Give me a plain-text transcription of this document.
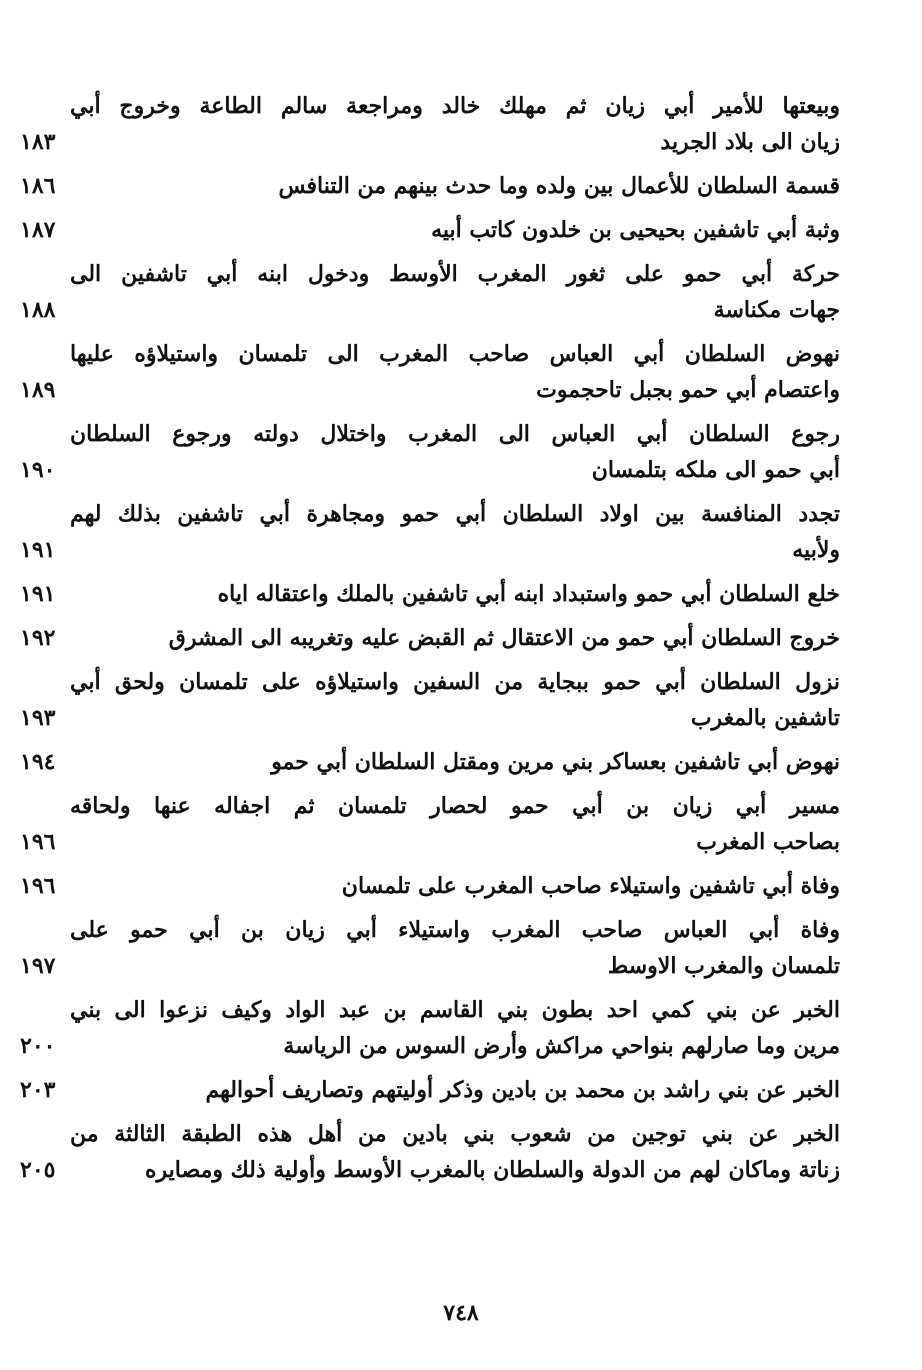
وبيعتها للأمير أبي زيان ثم مهلك خالد ومراجعة سالم الطاعة وخروج أبي
زيان الى بلاد الجريد
١٨٣
قسمة السلطان للأعمال بين ولده وما حدث بينهم من التنافس
١٨٦
وثبة أبي تاشفين بحيحيى بن خلدون كاتب أبيه
١٨٧
حركة أبي حمو على ثغور المغرب الأوسط ودخول ابنه أبي تاشفين الى
جهات مكناسة
١٨٨
نهوض السلطان أبي العباس صاحب المغرب الى تلمسان واستيلاؤه عليها
واعتصام أبي حمو بجبل تاحجموت
١٨٩
رجوع السلطان أبي العباس الى المغرب واختلال دولته ورجوع السلطان
أبي حمو الى ملكه بتلمسان
١٩٠
تجدد المنافسة بين اولاد السلطان أبي حمو ومجاهرة أبي تاشفين بذلك لهم
ولأبيه
١٩١
خلع السلطان أبي حمو واستبداد ابنه أبي تاشفين بالملك واعتقاله اياه
١٩١
خروج السلطان أبي حمو من الاعتقال ثم القبض عليه وتغريبه الى المشرق
١٩٢
نزول السلطان أبي حمو ببجاية من السفين واستيلاؤه على تلمسان ولحق أبي
تاشفين بالمغرب
١٩٣
نهوض أبي تاشفين بعساكر بني مرين ومقتل السلطان أبي حمو
١٩٤
مسير أبي زيان بن أبي حمو لحصار تلمسان ثم اجفاله عنها ولحاقه
بصاحب المغرب
١٩٦
وفاة أبي تاشفين واستيلاء صاحب المغرب على تلمسان
١٩٦
وفاة أبي العباس صاحب المغرب واستيلاء أبي زيان بن أبي حمو على
تلمسان والمغرب الاوسط
١٩٧
الخبر عن بني كمي احد بطون بني القاسم بن عبد الواد وكيف نزعوا الى بني
مرين وما صارلهم بنواحي مراكش وأرض السوس من الرياسة
٢٠٠
الخبر عن بني راشد بن محمد بن بادين وذكر أوليتهم وتصاريف أحوالهم
٢٠٣
الخبر عن بني توجين من شعوب بني بادين من أهل هذه الطبقة الثالثة من
زناتة وماكان لهم من الدولة والسلطان بالمغرب الأوسط وأولية ذلك ومصايره
٢٠٥
٧٤٨
